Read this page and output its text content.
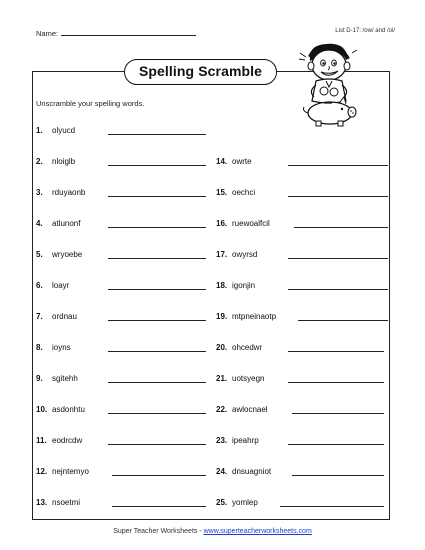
Name:	List D-17: /ow/ and /oi/
Spelling Scramble
Unscramble your spelling words.
1. olyucd
2. nloiglb
3. rduyaonb
4. atlunonf
5. wryoebe
6. loayr
7. ordnau
8. ioyns
9. sgitehh
10. asdonhtu
11. eodrcdw
12. nejntemyo
13. nsoetmi
14. owrte
15. oechci
16. ruewoalfcil
17. owyrsd
18. igonjin
19. mtpneinaotp
20. ohcedwr
21. uotsyegn
22. awlocnael
23. ipeahrp
24. dnsuagniot
25. yomlep
Super Teacher Worksheets - www.superteacherworksheets.com
